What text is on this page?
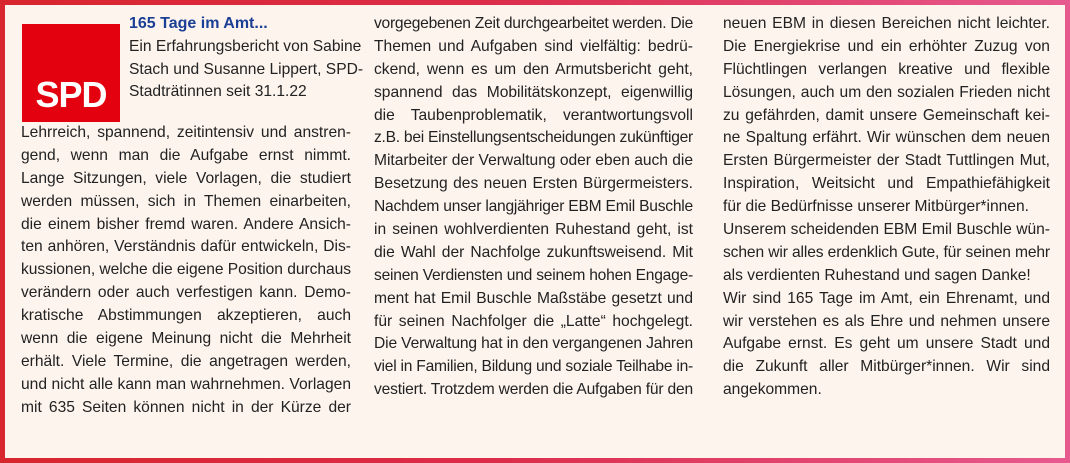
SPD
165 Tage im Amt...
Ein Erfahrungsbericht von Sabine
Stach und Susanne Lippert, SPD-
Stadträtinnen seit 31.1.22
Lehrreich, spannend, zeitintensiv und anstren-
gend, wenn man die Aufgabe ernst nimmt.
Lange Sitzungen, viele Vorlagen, die studiert
werden müssen, sich in Themen einarbeiten,
die einem bisher fremd waren. Andere Ansich-
ten anhören, Verständnis dafür entwickeln, Dis-
kussionen, welche die eigene Position durchaus
verändern oder auch verfestigen kann. Demo-
kratische Abstimmungen akzeptieren, auch
wenn die eigene Meinung nicht die Mehrheit
erhält. Viele Termine, die angetragen werden,
und nicht alle kann man wahrnehmen. Vorlagen
mit 635 Seiten können nicht in der Kürze der
vorgegebenen Zeit durchgearbeitet werden. Die
Themen und Aufgaben sind vielfältig: bedrü-
ckend, wenn es um den Armutsbericht geht,
spannend das Mobilitätskonzept, eigenwillig
die Taubenproblematik, verantwortungsvoll
z.B. bei Einstellungsentscheidungen zukünftiger
Mitarbeiter der Verwaltung oder eben auch die
Besetzung des neuen Ersten Bürgermeisters.
Nachdem unser langjähriger EBM Emil Buschle
in seinen wohlverdienten Ruhestand geht, ist
die Wahl der Nachfolge zukunftsweisend. Mit
seinen Verdiensten und seinem hohen Engage-
ment hat Emil Buschle Maßstäbe gesetzt und
für seinen Nachfolger die „Latte“ hochgelegt.
Die Verwaltung hat in den vergangenen Jahren
viel in Familien, Bildung und soziale Teilhabe in-
vestiert. Trotzdem werden die Aufgaben für den
neuen EBM in diesen Bereichen nicht leichter.
Die Energiekrise und ein erhöhter Zuzug von
Flüchtlingen verlangen kreative und flexible
Lösungen, auch um den sozialen Frieden nicht
zu gefährden, damit unsere Gemeinschaft kei-
ne Spaltung erfährt. Wir wünschen dem neuen
Ersten Bürgermeister der Stadt Tuttlingen Mut,
Inspiration, Weitsicht und Empathiefähigkeit
für die Bedürfnisse unserer Mitbürger*innen.
Unserem scheidenden EBM Emil Buschle wün-
schen wir alles erdenklich Gute, für seinen mehr
als verdienten Ruhestand und sagen Danke!
Wir sind 165 Tage im Amt, ein Ehrenamt, und
wir verstehen es als Ehre und nehmen unsere
Aufgabe ernst. Es geht um unsere Stadt und
die Zukunft aller Mitbürger*innen. Wir sind
angekommen.
